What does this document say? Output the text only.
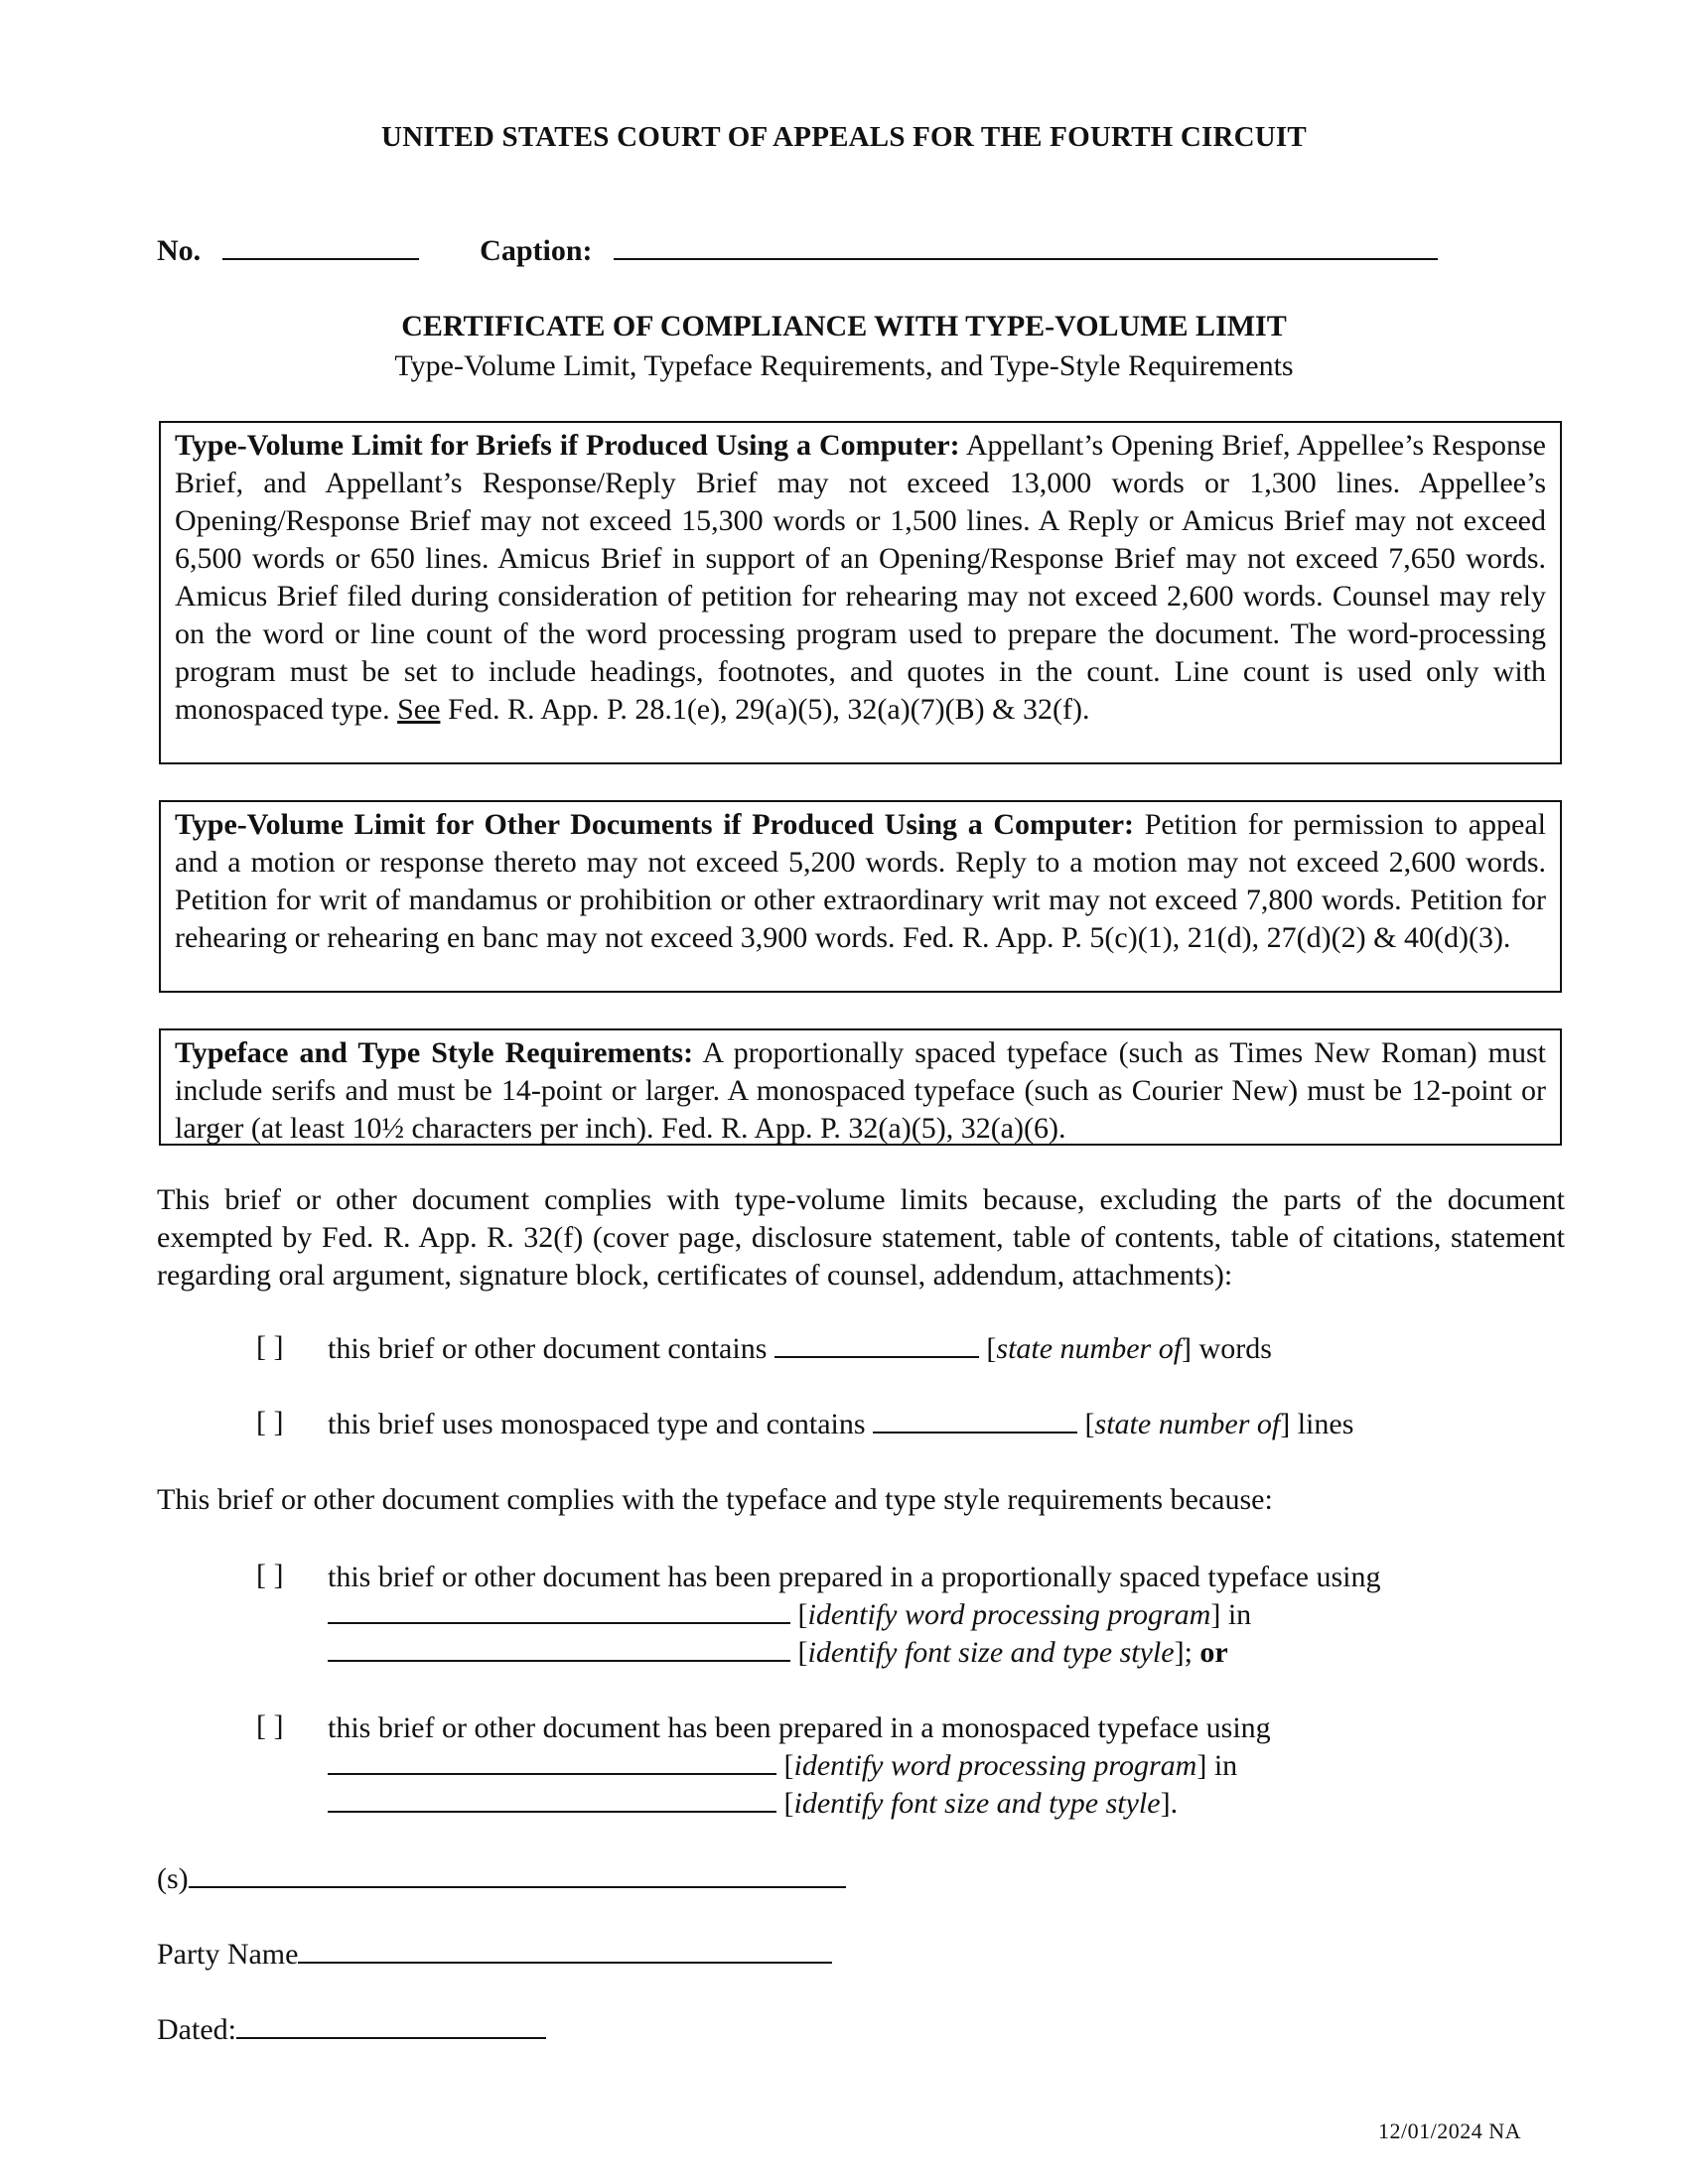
UNITED STATES COURT OF APPEALS FOR THE FOURTH CIRCUIT
No.	Caption:
CERTIFICATE OF COMPLIANCE WITH TYPE-VOLUME LIMIT
Type-Volume Limit, Typeface Requirements, and Type-Style Requirements
Type-Volume Limit for Briefs if Produced Using a Computer: Appellant’s Opening Brief, Appellee’s Response Brief, and Appellant’s Response/Reply Brief may not exceed 13,000 words or 1,300 lines. Appellee’s Opening/Response Brief may not exceed 15,300 words or 1,500 lines. A Reply or Amicus Brief may not exceed 6,500 words or 650 lines. Amicus Brief in support of an Opening/Response Brief may not exceed 7,650 words. Amicus Brief filed during consideration of petition for rehearing may not exceed 2,600 words. Counsel may rely on the word or line count of the word processing program used to prepare the document. The word-processing program must be set to include headings, footnotes, and quotes in the count. Line count is used only with monospaced type. See Fed. R. App. P. 28.1(e), 29(a)(5), 32(a)(7)(B) & 32(f).
Type-Volume Limit for Other Documents if Produced Using a Computer: Petition for permission to appeal and a motion or response thereto may not exceed 5,200 words. Reply to a motion may not exceed 2,600 words. Petition for writ of mandamus or prohibition or other extraordinary writ may not exceed 7,800 words. Petition for rehearing or rehearing en banc may not exceed 3,900 words. Fed. R. App. P. 5(c)(1), 21(d), 27(d)(2) & 40(d)(3).
Typeface and Type Style Requirements: A proportionally spaced typeface (such as Times New Roman) must include serifs and must be 14-point or larger. A monospaced typeface (such as Courier New) must be 12-point or larger (at least 10½ characters per inch). Fed. R. App. P. 32(a)(5), 32(a)(6).
This brief or other document complies with type-volume limits because, excluding the parts of the document exempted by Fed. R. App. R. 32(f) (cover page, disclosure statement, table of contents, table of citations, statement regarding oral argument, signature block, certificates of counsel, addendum, attachments):
[ ] this brief or other document contains	[state number of] words
[ ] this brief uses monospaced type and contains	[state number of] lines
This brief or other document complies with the typeface and type style requirements because:
[ ] this brief or other document has been prepared in a proportionally spaced typeface using
[identify word processing program] in
[identify font size and type style]; or
[ ] this brief or other document has been prepared in a monospaced typeface using
[identify word processing program] in
[identify font size and type style].
(s)
Party Name
Dated:
12/01/2024 NA
